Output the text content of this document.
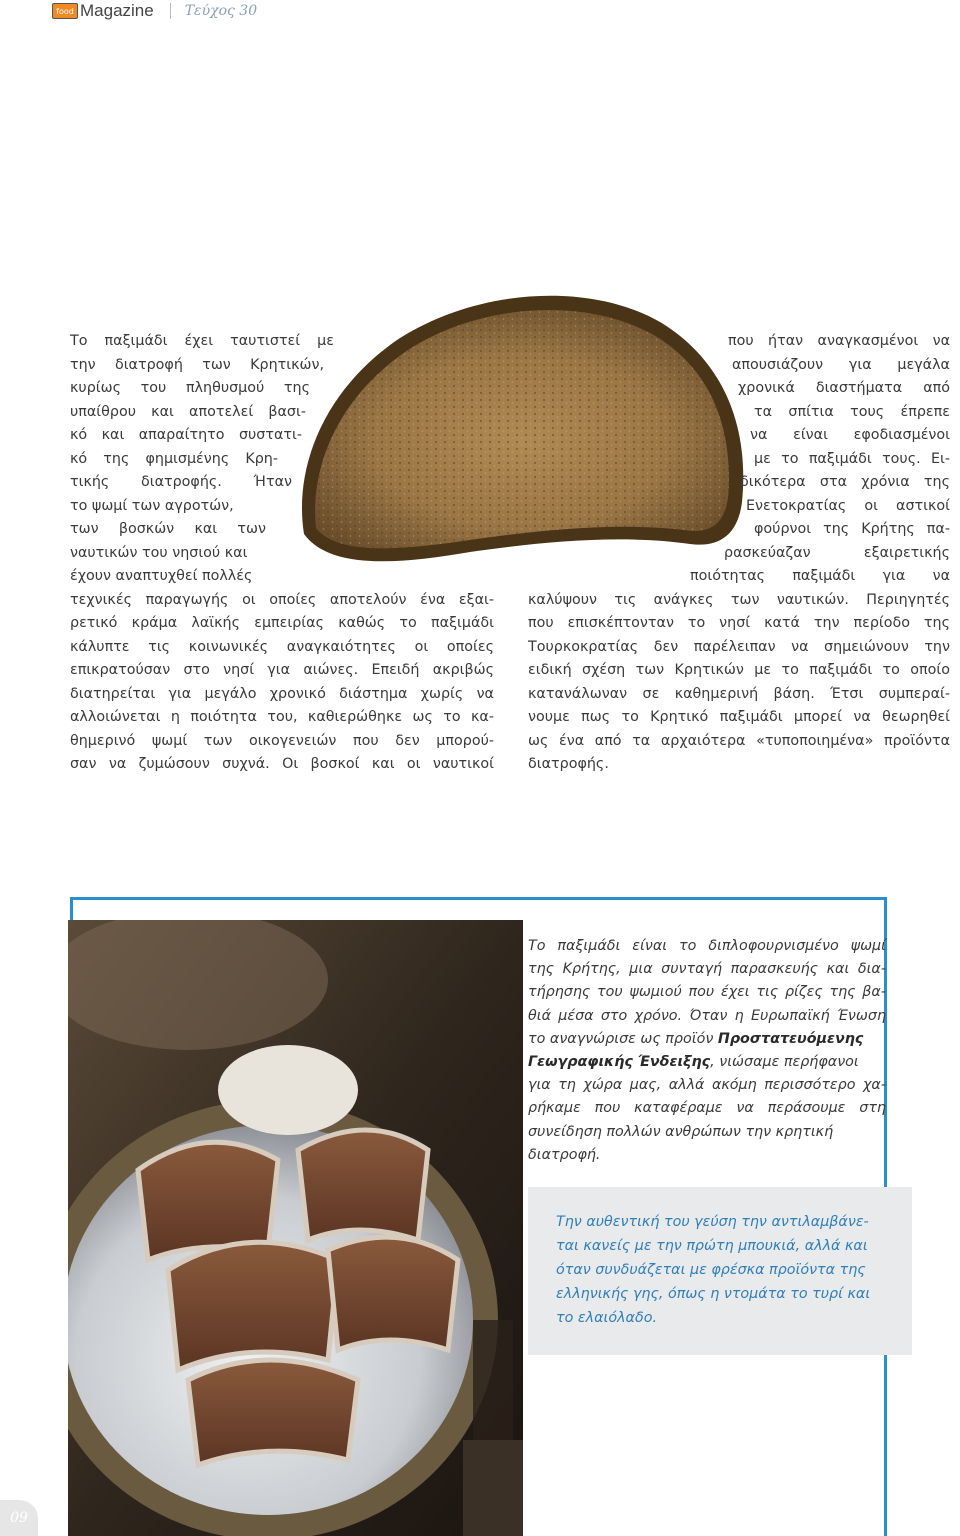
food Magazine Τεύχος 30
Το παξιμάδι έχει ταυτιστεί με
την διατροφή των Κρητικών,
κυρίως του πληθυσμού της
υπαίθρου και αποτελεί βασι-
κό και απαραίτητο συστατι-
κό της φημισμένης Κρη-
τικής διατροφής. Ήταν
το ψωμί των αγροτών,
των βοσκών και των
ναυτικών του νησιού και
έχουν αναπτυχθεί πολλές
τεχνικές παραγωγής οι οποίες αποτελούν ένα εξαι-
ρετικό κράμα λαϊκής εμπειρίας καθώς το παξιμάδι
κάλυπτε τις κοινωνικές αναγκαιότητες οι οποίες
επικρατούσαν στο νησί για αιώνες. Επειδή ακριβώς
διατηρείται για μεγάλο χρονικό διάστημα χωρίς να
αλλοιώνεται η ποιότητα του, καθιερώθηκε ως το κα-
θημερινό ψωμί των οικογενειών που δεν μπορού-
σαν να ζυμώσουν συχνά. Οι βοσκοί και οι ναυτικοί
που ήταν αναγκασμένοι να
απουσιάζουν για μεγάλα
χρονικά διαστήματα από
τα σπίτια τους έπρεπε
να είναι εφοδιασμένοι
με το παξιμάδι τους. Ει-
δικότερα στα χρόνια της
Ενετοκρατίας οι αστικοί
φούρνοι της Κρήτης πα-
ρασκεύαζαν εξαιρετικής
ποιότητας παξιμάδι για να
καλύψουν τις ανάγκες των ναυτικών. Περιηγητές
που επισκέπτονταν το νησί κατά την περίοδο της
Τουρκοκρατίας δεν παρέλειπαν να σημειώνουν την
ειδική σχέση των Κρητικών με το παξιμάδι το οποίο
κατανάλωναν σε καθημερινή βάση. Έτσι συμπεραί-
νουμε πως το Κρητικό παξιμάδι μπορεί να θεωρηθεί
ως ένα από τα αρχαιότερα «τυποποιημένα» προϊόντα
διατροφής.
Το παξιμάδι είναι το διπλοφουρνισμένο ψωμί
της Κρήτης, μια συνταγή παρασκευής και δια-
τήρησης του ψωμιού που έχει τις ρίζες της βα-
θιά μέσα στο χρόνο. Όταν η Ευρωπαϊκή Ένωση
το αναγνώρισε ως προϊόν Προστατευόμενης
Γεωγραφικής Ένδειξης, νιώσαμε περήφανοι
για τη χώρα μας, αλλά ακόμη περισσότερο χα-
ρήκαμε που καταφέραμε να περάσουμε στη
συνείδηση πολλών ανθρώπων την κρητική
διατροφή.
Την αυθεντική του γεύση την αντιλαμβάνε-
ται κανείς με την πρώτη μπουκιά, αλλά και
όταν συνδυάζεται με φρέσκα προϊόντα της
ελληνικής γης, όπως η ντομάτα το τυρί και
το ελαιόλαδο.
09
